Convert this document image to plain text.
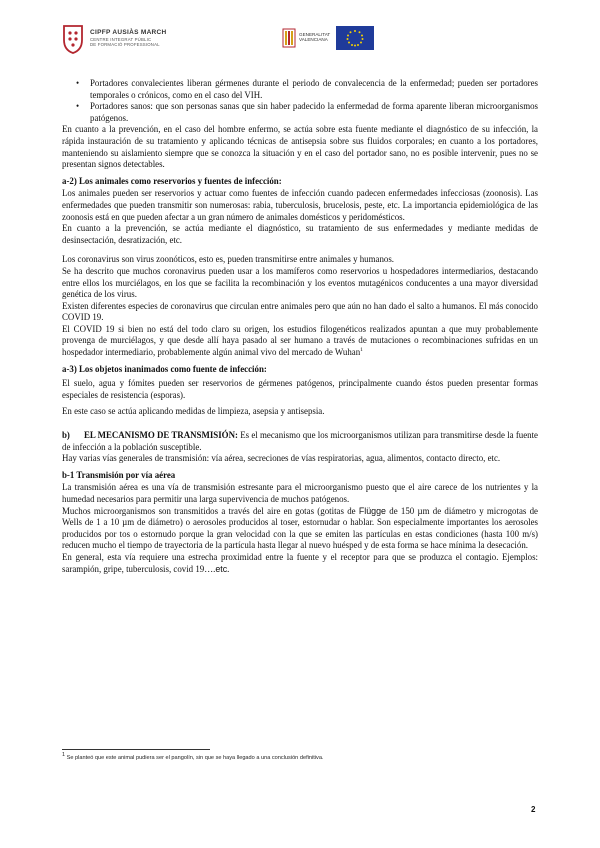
CIPFP AUSIÀS MARCH
CENTRE INTEGRAT PÚBLIC
DE FORMACIÓ PROFESSIONAL
GENERALITAT
VALENCIANA
• Portadores convalecientes liberan gérmenes durante el periodo de convalecencia de la enfermedad; pueden ser portadores temporales o crónicos, como en el caso del VIH.
• Portadores sanos: que son personas sanas que sin haber padecido la enfermedad de forma aparente liberan microorganismos patógenos.

En cuanto a la prevención, en el caso del hombre enfermo, se actúa sobre esta fuente mediante el diagnóstico de su infección, la rápida instauración de su tratamiento y aplicando técnicas de antisepsia sobre sus fluidos corporales; en cuanto a los portadores, manteniendo su aislamiento siempre que se conozca la situación y en el caso del portador sano, no es posible intervenir, pues no se presentan signos detectables.

a-2) Los animales como reservorios y fuentes de infección:

Los animales pueden ser reservorios y actuar como fuentes de infección cuando padecen enfermedades infecciosas (zoonosis). Las enfermedades que pueden transmitir son numerosas: rabia, tuberculosis, brucelosis, peste, etc. La importancia epidemiológica de las zoonosis está en que pueden afectar a un gran número de animales domésticos y peridomésticos.

En cuanto a la prevención, se actúa mediante el diagnóstico, su tratamiento de sus enfermedades y mediante medidas de desinsectación, desratización, etc.

Los coronavirus son virus zoonóticos, esto es, pueden transmitirse entre animales y humanos.

Se ha descrito que muchos coronavirus pueden usar a los mamíferos como reservorios u hospedadores intermediarios, destacando entre ellos los murciélagos, en los que se facilita la recombinación y los eventos mutagénicos conducentes a una mayor diversidad genética de los virus.

Existen diferentes especies de coronavirus que circulan entre animales pero que aún no han dado el salto a humanos. El más conocido COVID 19.

El COVID 19 si bien no está del todo claro su origen, los estudios filogenéticos realizados apuntan a que muy probablemente provenga de murciélagos, y que desde allí haya pasado al ser humano a través de mutaciones o recombinaciones sufridas en un hospedador intermediario, probablemente algún animal vivo del mercado de Wuhan$^1$

a-3) Los objetos inanimados como fuente de infección:

El suelo, agua y fómites pueden ser reservorios de gérmenes patógenos, principalmente cuando éstos pueden presentar formas especiales de resistencia (esporas).

En este caso se actúa aplicando medidas de limpieza, asepsia y antisepsia.

b) EL MECANISMO DE TRANSMISIÓN: Es el mecanismo que los microorganismos utilizan para transmitirse desde la fuente de infección a la población susceptible.

Hay varias vías generales de transmisión: vía aérea, secreciones de vías respiratorias, agua, alimentos, contacto directo, etc.

b-1 Transmisión por vía aérea

La transmisión aérea es una vía de transmisión estresante para el microorganismo puesto que el aire carece de los nutrientes y la humedad necesarios para permitir una larga supervivencia de muchos patógenos.

Muchos microorganismos son transmitidos a través del aire en gotas (gotitas de Flügge de 150 µm de diámetro y microgotas de Wells de 1 a 10 µm de diámetro) o aerosoles producidos al toser, estornudar o hablar. Son especialmente importantes los aerosoles producidos por tos o estornudo porque la gran velocidad con la que se emiten las partículas en estas condiciones (hasta 100 m/s) reducen mucho el tiempo de trayectoria de la partícula hasta llegar al nuevo huésped y de esta forma se hace mínima la desecación.

En general, esta vía requiere una estrecha proximidad entre la fuente y el receptor para que se produzca el contagio. Ejemplos: sarampión, gripe, tuberculosis, covid 19….etc.

1 Se planteó que este animal pudiera ser el pangolín, sin que se haya llegado a una conclusión definitiva.
2
